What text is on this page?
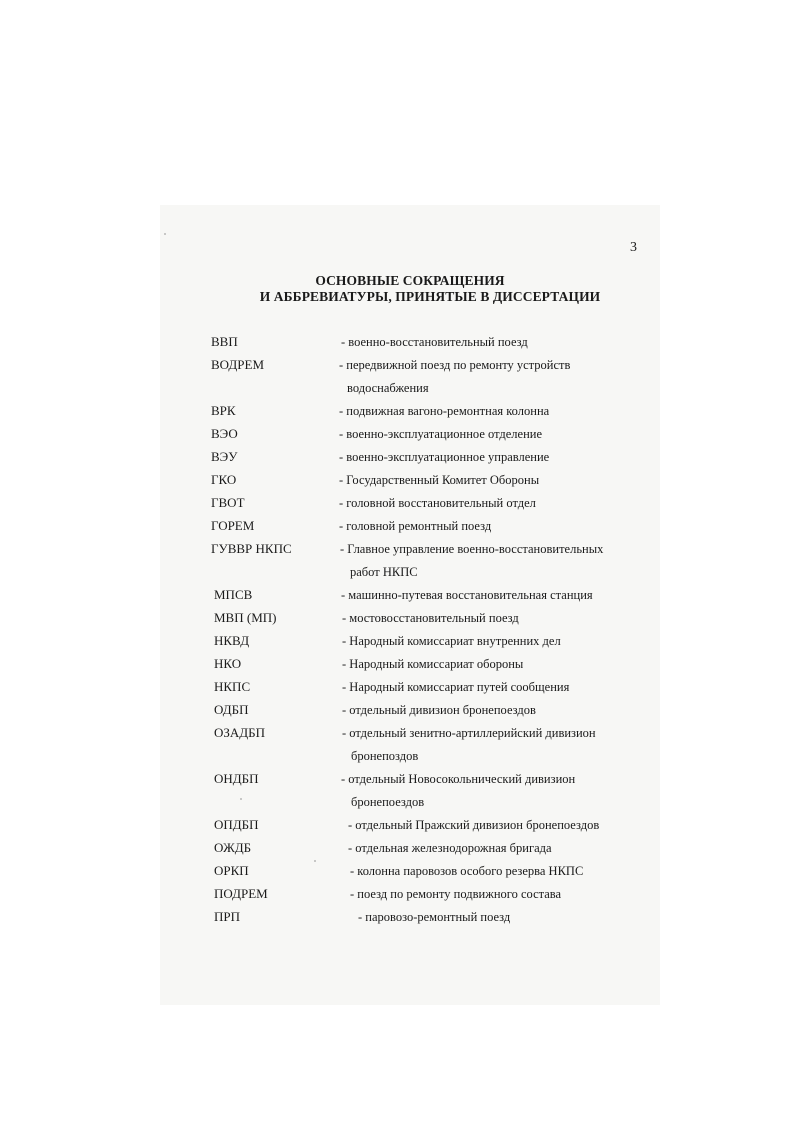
3
ОСНОВНЫЕ СОКРАЩЕНИЯ
И АББРЕВИАТУРЫ, ПРИНЯТЫЕ В ДИССЕРТАЦИИ
ВВП	- военно-восстановительный поезд
ВОДРЕМ	- передвижной поезд по ремонту устройств
водоснабжения
ВРК	- подвижная вагоно-ремонтная колонна
ВЭО	- военно-эксплуатационное отделение
ВЭУ	- военно-эксплуатационное управление
ГКО	- Государственный Комитет Обороны
ГВОТ	- головной восстановительный отдел
ГОРЕМ	- головной ремонтный поезд
ГУВВР НКПС	- Главное управление военно-восстановительных
работ НКПС
МПСВ	- машинно-путевая восстановительная станция
МВП (МП)	- мостовосстановительный поезд
НКВД	- Народный комиссариат внутренних дел
НКО	- Народный комиссариат обороны
НКПС	- Народный комиссариат путей сообщения
ОДБП	- отдельный дивизион бронепоездов
ОЗАДБП	- отдельный зенитно-артиллерийский дивизион
бронепоздов
ОНДБП	- отдельный Новосокольнический дивизион
бронепоездов
ОПДБП	- отдельный Пражский дивизион бронепоездов
ОЖДБ	- отдельная железнодорожная бригада
ОРКП	- колонна паровозов особого резерва НКПС
ПОДРЕМ	- поезд по ремонту подвижного состава
ПРП	- паровозо-ремонтный поезд
